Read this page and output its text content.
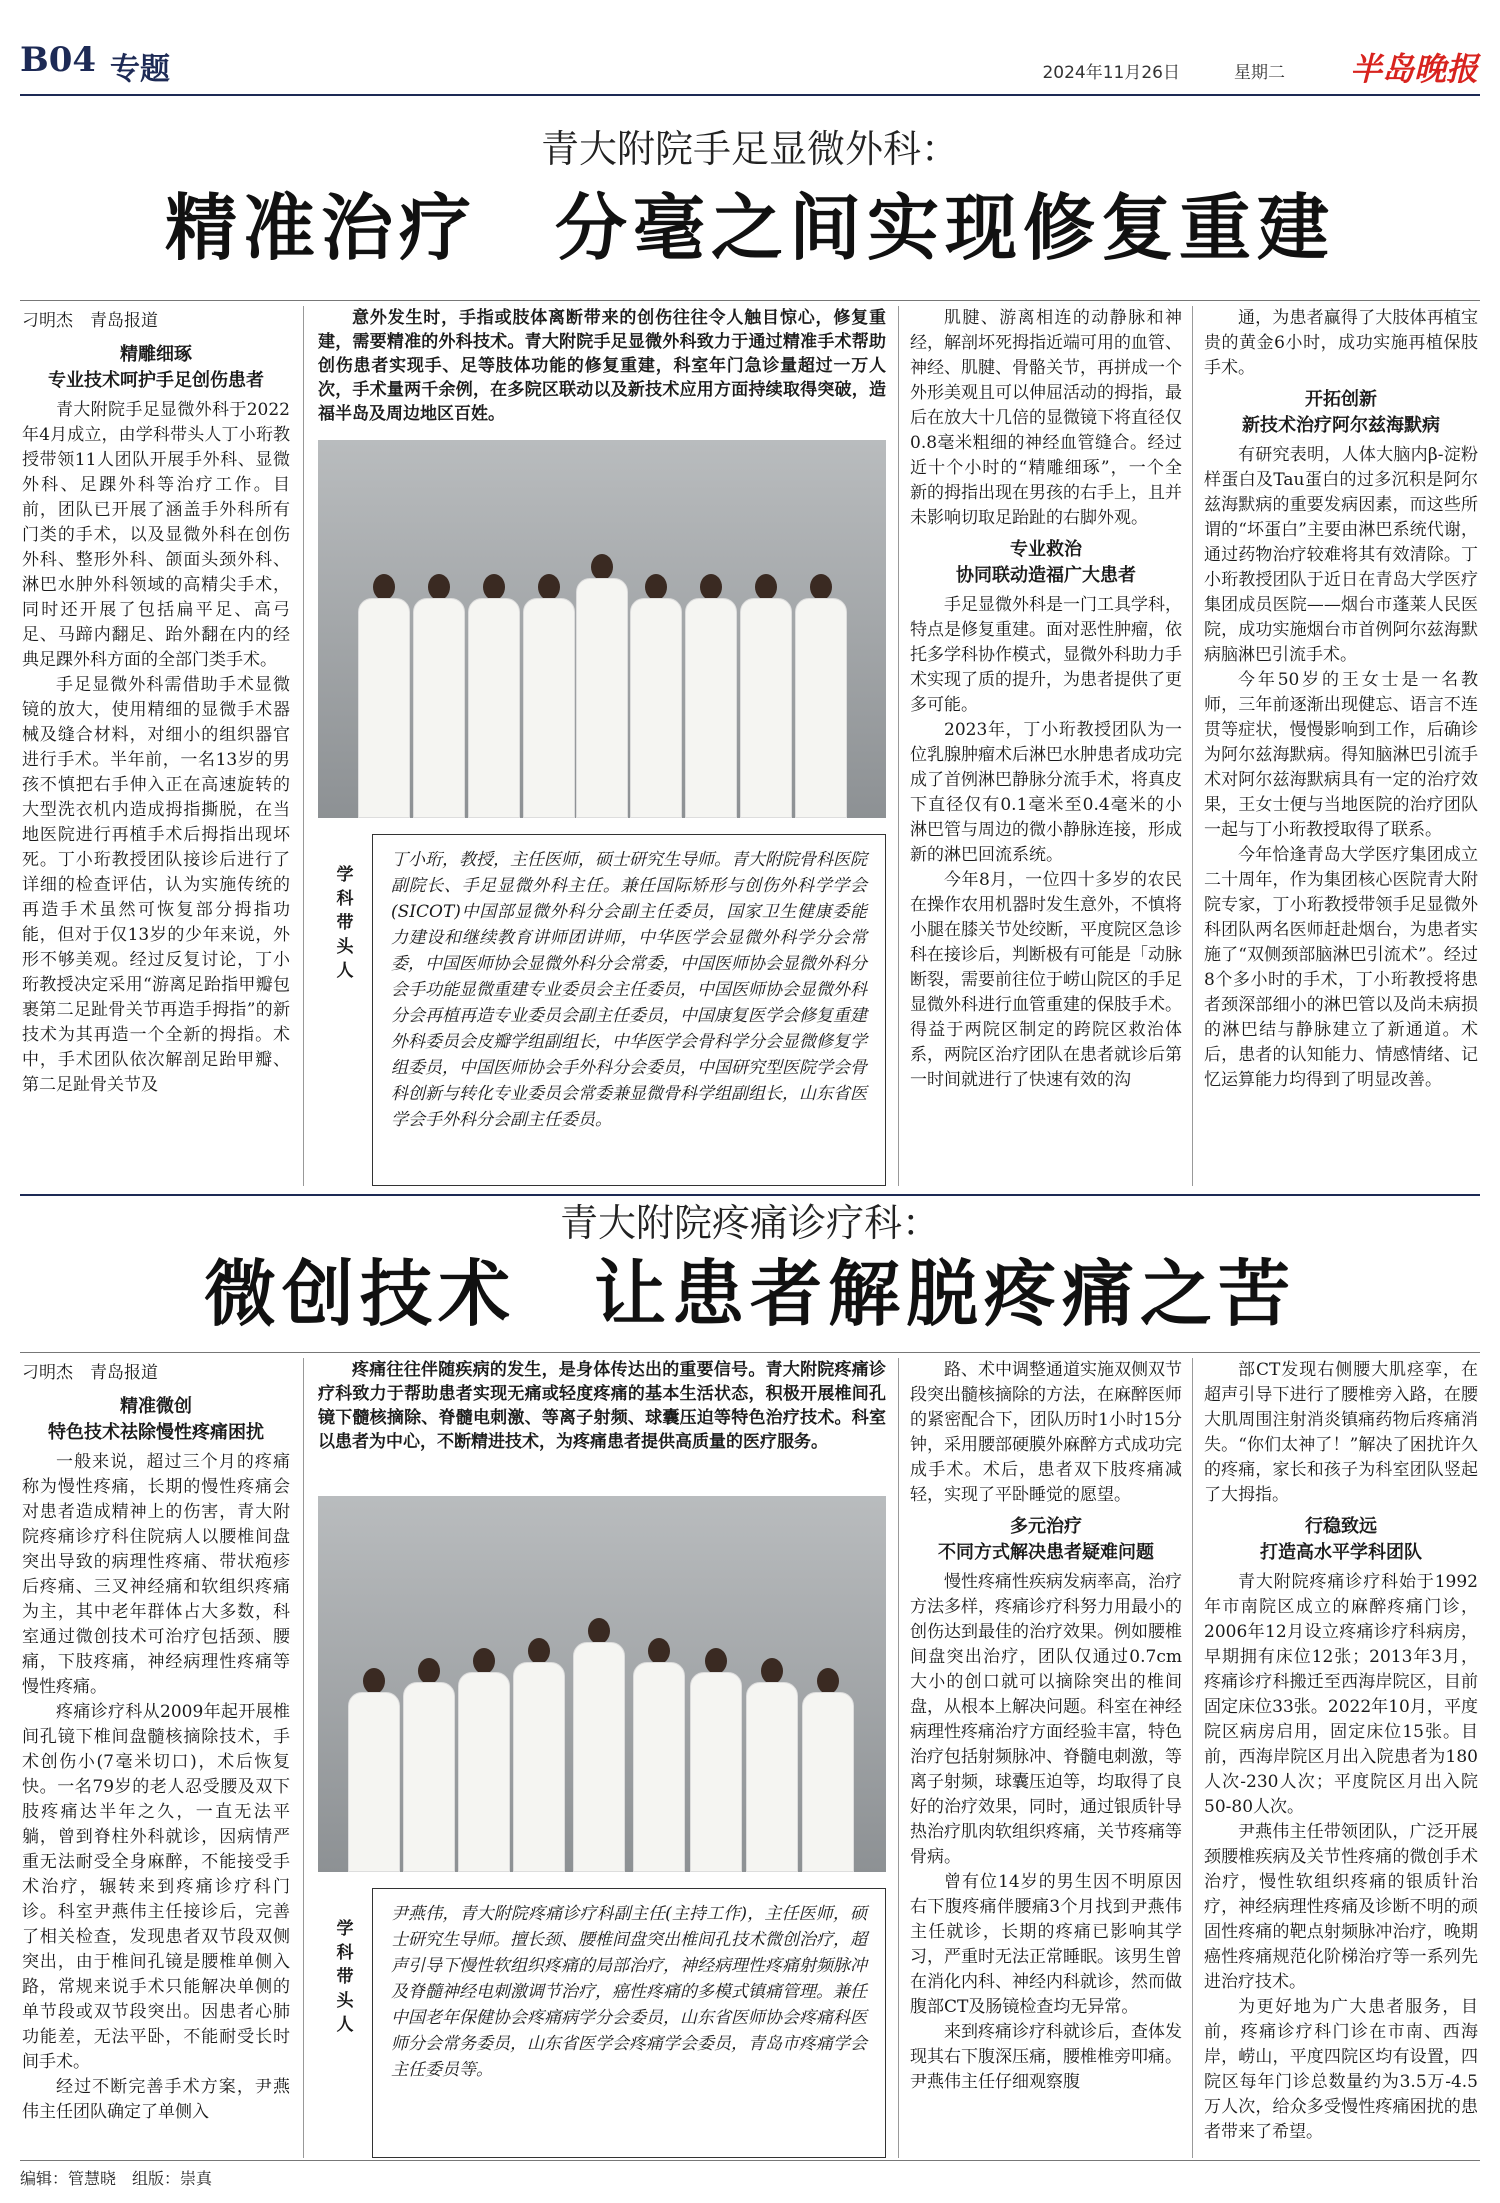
B04 专题	2024年11月26日	星期二 半岛晚报
青大附院手足显微外科：
精准治疗　分毫之间实现修复重建
刁明杰　青岛报道
精雕细琢
专业技术呵护手足创伤患者

青大附院手足显微外科于2022年4月成立，由学科带头人丁小珩教授带领11人团队开展手外科、显微外科、足踝外科等治疗工作。目前，团队已开展了涵盖手外科所有门类的手术，以及显微外科在创伤外科、整形外科、颌面头颈外科、淋巴水肿外科领域的高精尖手术，同时还开展了包括扁平足、高弓足、马蹄内翻足、跆外翻在内的经典足踝外科方面的全部门类手术。

手足显微外科需借助手术显微镜的放大，使用精细的显微手术器械及缝合材料，对细小的组织器官进行手术。半年前，一名13岁的男孩不慎把右手伸入正在高速旋转的大型洗衣机内造成拇指撕脱，在当地医院进行再植手术后拇指出现坏死。丁小珩教授团队接诊后进行了详细的检查评估，认为实施传统的再造手术虽然可恢复部分拇指功能，但对于仅13岁的少年来说，外形不够美观。经过反复讨论，丁小珩教授决定采用“游离足跆指甲瓣包裹第二足趾骨关节再造手拇指”的新技术为其再造一个全新的拇指。术中，手术团队依次解剖足跆甲瓣、第二足趾骨关节及

意外发生时，手指或肢体离断带来的创伤往往令人触目惊心，修复重建，需要精准的外科技术。青大附院手足显微外科致力于通过精准手术帮助创伤患者实现手、足等肢体功能的修复重建，科室年门急诊量超过一万人次，手术量两千余例，在多院区联动以及新技术应用方面持续取得突破，造福半岛及周边地区百姓。

学科带头人
丁小珩，教授，主任医师，硕士研究生导师。青大附院骨科医院副院长、手足显微外科主任。兼任国际矫形与创伤外科学学会(SICOT)中国部显微外科分会副主任委员，国家卫生健康委能力建设和继续教育讲师团讲师，中华医学会显微外科学分会常委，中国医师协会显微外科分会常委，中国医师协会显微外科分会手功能显微重建专业委员会主任委员，中国医师协会显微外科分会再植再造专业委员会副主任委员，中国康复医学会修复重建外科委员会皮瓣学组副组长，中华医学会骨科学分会显微修复学组委员，中国医师协会手外科分会委员，中国研究型医院学会骨科创新与转化专业委员会常委兼显微骨科学组副组长，山东省医学会手外科分会副主任委员。

肌腱、游离相连的动静脉和神经，解剖坏死拇指近端可用的血管、神经、肌腱、骨骼关节，再拼成一个外形美观且可以伸屈活动的拇指，最后在放大十几倍的显微镜下将直径仅0.8毫米粗细的神经血管缝合。经过近十个小时的“精雕细琢”，一个全新的拇指出现在男孩的右手上，且并未影响切取足跆趾的右脚外观。

专业救治
协同联动造福广大患者

手足显微外科是一门工具学科，特点是修复重建。面对恶性肿瘤，依托多学科协作模式，显微外科助力手术实现了质的提升，为患者提供了更多可能。

2023年，丁小珩教授团队为一位乳腺肿瘤术后淋巴水肿患者成功完成了首例淋巴静脉分流手术，将真皮下直径仅有0.1毫米至0.4毫米的小淋巴管与周边的微小静脉连接，形成新的淋巴回流系统。

今年8月，一位四十多岁的农民在操作农用机器时发生意外，不慎将小腿在膝关节处绞断，平度院区急诊科在接诊后，判断极有可能是「动脉断裂，需要前往位于崂山院区的手足显微外科进行血管重建的保肢手术。得益于两院区制定的跨院区救治体系，两院区治疗团队在患者就诊后第一时间就进行了快速有效的沟

通，为患者赢得了大肢体再植宝贵的黄金6小时，成功实施再植保肢手术。

开拓创新
新技术治疗阿尔兹海默病

有研究表明，人体大脑内β-淀粉样蛋白及Tau蛋白的过多沉积是阿尔兹海默病的重要发病因素，而这些所谓的“坏蛋白”主要由淋巴系统代谢，通过药物治疗较难将其有效清除。丁小珩教授团队于近日在青岛大学医疗集团成员医院——烟台市蓬莱人民医院，成功实施烟台市首例阿尔兹海默病脑淋巴引流手术。

今年50岁的王女士是一名教师，三年前逐渐出现健忘、语言不连贯等症状，慢慢影响到工作，后确诊为阿尔兹海默病。得知脑淋巴引流手术对阿尔兹海默病具有一定的治疗效果，王女士便与当地医院的治疗团队一起与丁小珩教授取得了联系。

今年恰逢青岛大学医疗集团成立二十周年，作为集团核心医院青大附院专家，丁小珩教授带领手足显微外科团队两名医师赶赴烟台，为患者实施了“双侧颈部脑淋巴引流术”。经过8个多小时的手术，丁小珩教授将患者颈深部细小的淋巴管以及尚未病损的淋巴结与静脉建立了新通道。术后，患者的认知能力、情感情绪、记忆运算能力均得到了明显改善。

青大附院疼痛诊疗科：
微创技术　让患者解脱疼痛之苦
刁明杰　青岛报道
精准微创
特色技术祛除慢性疼痛困扰

一般来说，超过三个月的疼痛称为慢性疼痛，长期的慢性疼痛会对患者造成精神上的伤害，青大附院疼痛诊疗科住院病人以腰椎间盘突出导致的病理性疼痛、带状疱疹后疼痛、三叉神经痛和软组织疼痛为主，其中老年群体占大多数，科室通过微创技术可治疗包括颈、腰痛，下肢疼痛，神经病理性疼痛等慢性疼痛。

疼痛诊疗科从2009年起开展椎间孔镜下椎间盘髓核摘除技术，手术创伤小(7毫米切口)，术后恢复快。一名79岁的老人忍受腰及双下肢疼痛达半年之久，一直无法平躺，曾到脊柱外科就诊，因病情严重无法耐受全身麻醉，不能接受手术治疗，辗转来到疼痛诊疗科门诊。科室尹燕伟主任接诊后，完善了相关检查，发现患者双节段双侧突出，由于椎间孔镜是腰椎单侧入路，常规来说手术只能解决单侧的单节段或双节段突出。因患者心肺功能差，无法平卧，不能耐受长时间手术。

经过不断完善手术方案，尹燕伟主任团队确定了单侧入

疼痛往往伴随疾病的发生，是身体传达出的重要信号。青大附院疼痛诊疗科致力于帮助患者实现无痛或轻度疼痛的基本生活状态，积极开展椎间孔镜下髓核摘除、脊髓电刺激、等离子射频、球囊压迫等特色治疗技术。科室以患者为中心，不断精进技术，为疼痛患者提供高质量的医疗服务。

学科带头人
尹燕伟，青大附院疼痛诊疗科副主任(主持工作)，主任医师，硕士研究生导师。擅长颈、腰椎间盘突出椎间孔技术微创治疗，超声引导下慢性软组织疼痛的局部治疗，神经病理性疼痛射频脉冲及脊髓神经电刺激调节治疗，癌性疼痛的多模式镇痛管理。兼任中国老年保健协会疼痛病学分会委员，山东省医师协会疼痛科医师分会常务委员，山东省医学会疼痛学会委员，青岛市疼痛学会主任委员等。

路、术中调整通道实施双侧双节段突出髓核摘除的方法，在麻醉医师的紧密配合下，团队历时1小时15分钟，采用腰部硬膜外麻醉方式成功完成手术。术后，患者双下肢疼痛减轻，实现了平卧睡觉的愿望。

多元治疗
不同方式解决患者疑难问题

慢性疼痛性疾病发病率高，治疗方法多样，疼痛诊疗科努力用最小的创伤达到最佳的治疗效果。例如腰椎间盘突出治疗，团队仅通过0.7cm大小的创口就可以摘除突出的椎间盘，从根本上解决问题。科室在神经病理性疼痛治疗方面经验丰富，特色治疗包括射频脉冲、脊髓电刺激，等离子射频，球囊压迫等，均取得了良好的治疗效果，同时，通过银质针导热治疗肌肉软组织疼痛，关节疼痛等骨病。

曾有位14岁的男生因不明原因右下腹疼痛伴腰痛3个月找到尹燕伟主任就诊，长期的疼痛已影响其学习，严重时无法正常睡眠。该男生曾在消化内科、神经内科就诊，然而做腹部CT及肠镜检查均无异常。

来到疼痛诊疗科就诊后，查体发现其右下腹深压痛，腰椎椎旁叩痛。尹燕伟主任仔细观察腹

部CT发现右侧腰大肌痉挛，在超声引导下进行了腰椎旁入路，在腰大肌周围注射消炎镇痛药物后疼痛消失。“你们太神了！”解决了困扰许久的疼痛，家长和孩子为科室团队竖起了大拇指。

行稳致远
打造高水平学科团队

青大附院疼痛诊疗科始于1992年市南院区成立的麻醉疼痛门诊，2006年12月设立疼痛诊疗科病房，早期拥有床位12张；2013年3月，疼痛诊疗科搬迁至西海岸院区，目前固定床位33张。2022年10月，平度院区病房启用，固定床位15张。目前，西海岸院区月出入院患者为180人次-230人次；平度院区月出入院50-80人次。

尹燕伟主任带领团队，广泛开展颈腰椎疾病及关节性疼痛的微创手术治疗，慢性软组织疼痛的银质针治疗，神经病理性疼痛及诊断不明的顽固性疼痛的靶点射频脉冲治疗，晚期癌性疼痛规范化阶梯治疗等一系列先进治疗技术。

为更好地为广大患者服务，目前，疼痛诊疗科门诊在市南、西海岸，崂山，平度四院区均有设置，四院区每年门诊总数量约为3.5万-4.5万人次，给众多受慢性疼痛困扰的患者带来了希望。

编辑：管慧晓　组版：崇真
